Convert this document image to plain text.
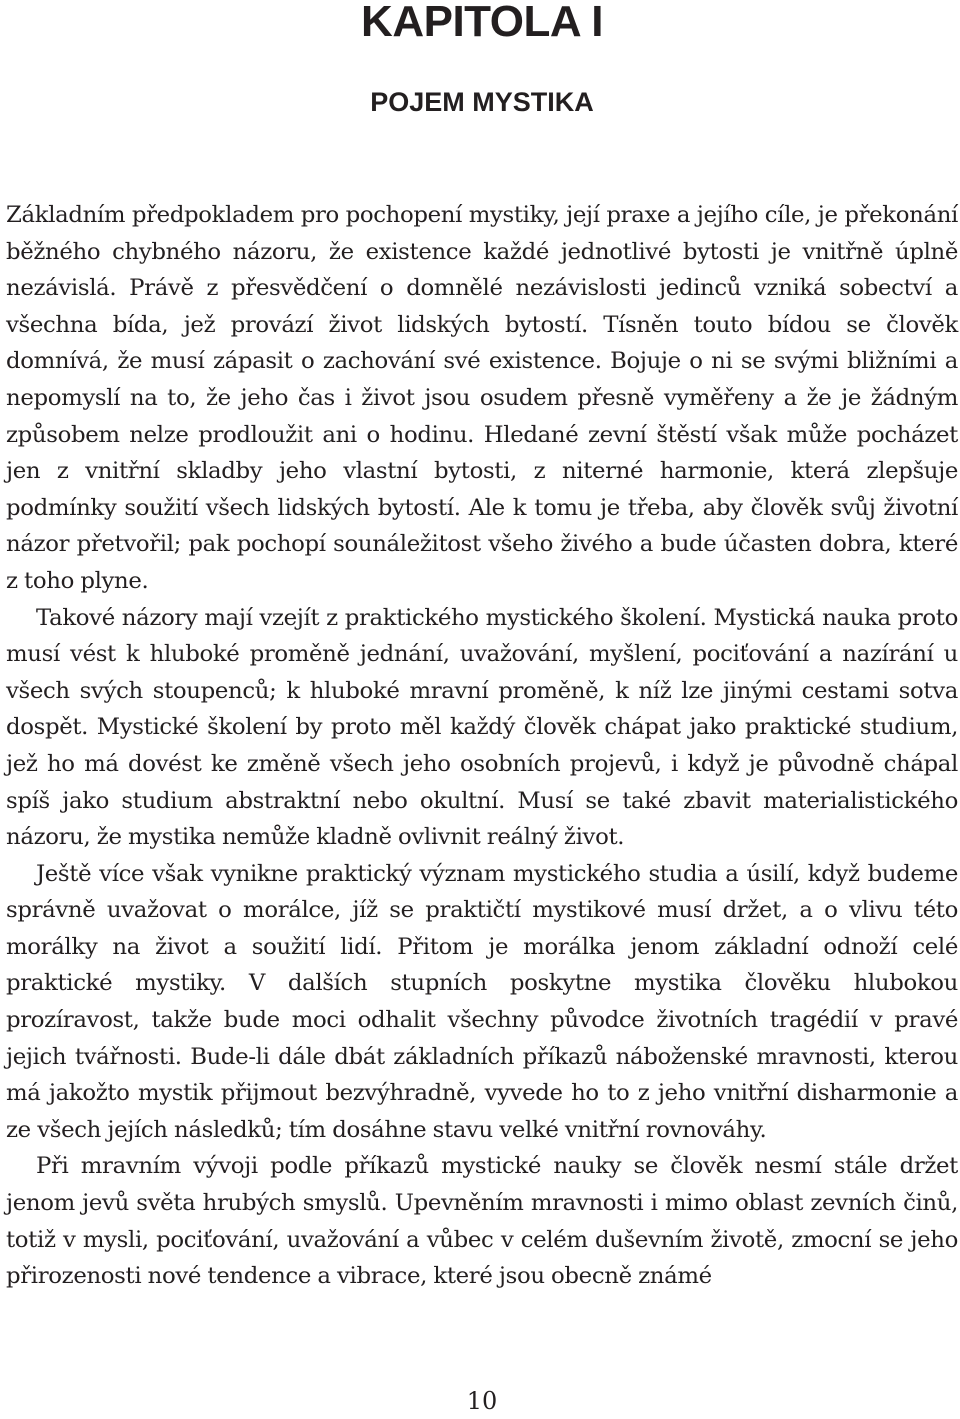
KAPITOLA I
POJEM MYSTIKA

Základním předpokladem pro pochopení mystiky, její praxe a jejího cíle, je překonání běžného chybného názoru, že existence každé jednotlivé bytosti je vnitřně úplně nezávislá. Právě z přesvědčení o domnělé nezávislosti jedinců vzniká sobectví a všechna bída, jež provází život lidských bytostí. Tísněn touto bídou se člověk domnívá, že musí zápasit o zachování své existence. Bojuje o ni se svými bližními a nepomyslí na to, že jeho čas i život jsou osudem přesně vyměřeny a že je žádným způsobem nelze prodloužit ani o hodinu. Hledané zevní štěstí však může pocházet jen z vnitřní skladby jeho vlastní bytosti, z niterné harmonie, která zlepšuje podmínky soužití všech lidských bytostí. Ale k tomu je třeba, aby člověk svůj životní názor přetvořil; pak pochopí sounáležitost všeho živého a bude účasten dobra, které z toho plyne.

Takové názory mají vzejít z praktického mystického školení. Mystická nauka proto musí vést k hluboké proměně jednání, uvažování, myšlení, pociťování a nazírání u všech svých stoupenců; k hluboké mravní proměně, k níž lze jinými cestami sotva dospět. Mystické školení by proto měl každý člověk chápat jako praktické studium, jež ho má dovést ke změně všech jeho osobních projevů, i když je původně chápal spíš jako studium abstraktní nebo okultní. Musí se také zbavit materialistického názoru, že mystika nemůže kladně ovlivnit reálný život.

Ještě více však vynikne praktický význam mystického studia a úsilí, když budeme správně uvažovat o morálce, jíž se praktičtí mystikové musí držet, a o vlivu této morálky na život a soužití lidí. Přitom je morálka jenom základní odnoží celé praktické mystiky. V dalších stupních poskytne mystika člověku hlubokou prozíravost, takže bude moci odhalit všechny původce životních tragédií v pravé jejich tvářnosti. Bude-li dále dbát základních příkazů náboženské mravnosti, kterou má jakožto mystik přijmout bezvýhradně, vyvede ho to z jeho vnitřní disharmonie a ze všech jejích následků; tím dosáhne stavu velké vnitřní rovnováhy.

Při mravním vývoji podle příkazů mystické nauky se člověk nesmí stále držet jenom jevů světa hrubých smyslů. Upevněním mravnosti i mimo oblast zevních činů, totiž v mysli, pociťování, uvažování a vůbec v celém duševním životě, zmocní se jeho přirozenosti nové tendence a vibrace, které jsou obecně známé

10
